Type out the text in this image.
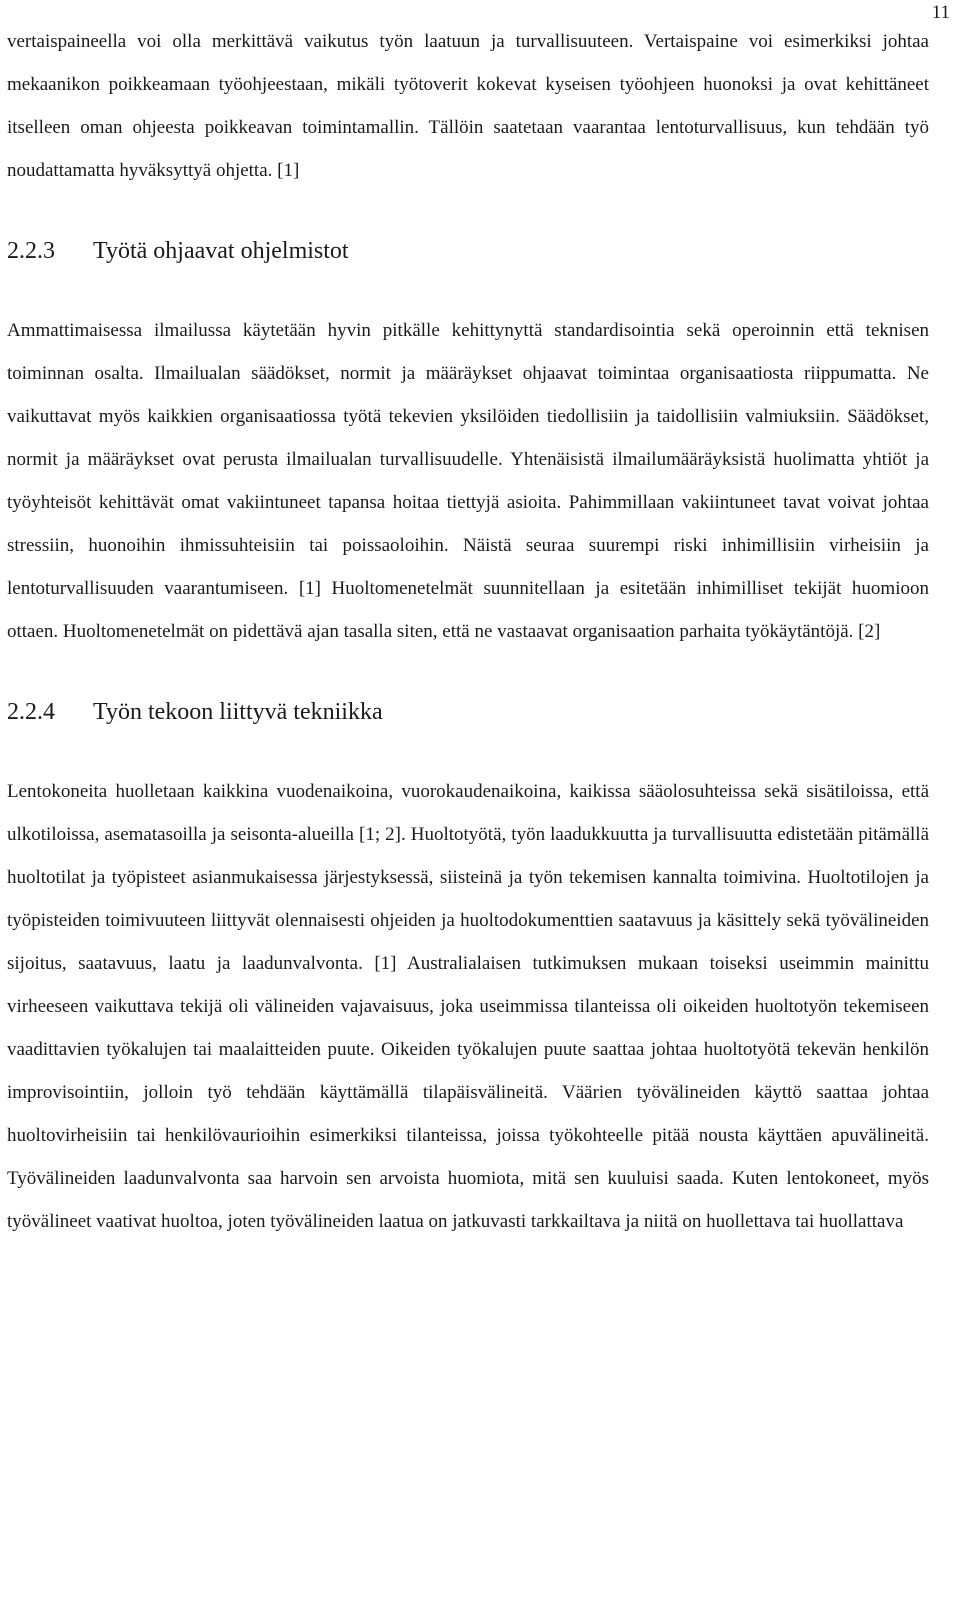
11

vertaispaineella voi olla merkittävä vaikutus työn laatuun ja turvallisuuteen. Vertaispaine voi esimerkiksi johtaa mekaanikon poikkeamaan työohjeestaan, mikäli työtoverit kokevat kyseisen työohjeen huonoksi ja ovat kehittäneet itselleen oman ohjeesta poikkeavan toimintamallin. Tällöin saatetaan vaarantaa lentoturvallisuus, kun tehdään työ noudattamatta hyväksyttyä ohjetta. [1]

2.2.3	Työtä ohjaavat ohjelmistot

Ammattimaisessa ilmailussa käytetään hyvin pitkälle kehittynyttä standardisointia sekä operoinnin että teknisen toiminnan osalta. Ilmailualan säädökset, normit ja määräykset ohjaavat toimintaa organisaatiosta riippumatta. Ne vaikuttavat myös kaikkien organisaatiossa työtä tekevien yksilöiden tiedollisiin ja taidollisiin valmiuksiin. Säädökset, normit ja määräykset ovat perusta ilmailualan turvallisuudelle. Yhtenäisistä ilmailumääräyksistä huolimatta yhtiöt ja työyhteisöt kehittävät omat vakiintuneet tapansa hoitaa tiettyjä asioita. Pahimmillaan vakiintuneet tavat voivat johtaa stressiin, huonoihin ihmissuhteisiin tai poissaoloihin. Näistä seuraa suurempi riski inhimillisiin virheisiin ja lentoturvallisuuden vaarantumiseen. [1] Huoltomenetelmät suunnitellaan ja esitetään inhimilliset tekijät huomioon ottaen. Huoltomenetelmät on pidettävä ajan tasalla siten, että ne vastaavat organisaation parhaita työkäytäntöjä. [2]

2.2.4	Työn tekoon liittyvä tekniikka

Lentokoneita huolletaan kaikkina vuodenaikoina, vuorokaudenaikoina, kaikissa sääolosuhteissa sekä sisätiloissa, että ulkotiloissa, asematasoilla ja seisonta-alueilla [1; 2]. Huoltotyötä, työn laadukkuutta ja turvallisuutta edistetään pitämällä huoltotilat ja työpisteet asianmukaisessa järjestyksessä, siisteinä ja työn tekemisen kannalta toimivina. Huoltotilojen ja työpisteiden toimivuuteen liittyvät olennaisesti ohjeiden ja huoltodokumenttien saatavuus ja käsittely sekä työvälineiden sijoitus, saatavuus, laatu ja laadunvalvonta. [1] Australialaisen tutkimuksen mukaan toiseksi useimmin mainittu virheeseen vaikuttava tekijä oli välineiden vajavaisuus, joka useimmissa tilanteissa oli oikeiden huoltotyön tekemiseen vaadittavien työkalujen tai maalaitteiden puute. Oikeiden työkalujen puute saattaa johtaa huoltotyötä tekevän henkilön improvisointiin, jolloin työ tehdään käyttämällä tilapäisvälineitä. Väärien työvälineiden käyttö saattaa johtaa huoltovirheisiin tai henkilövaurioihin esimerkiksi tilanteissa, joissa työkohteelle pitää nousta käyttäen apuvälineitä. Työvälineiden laadunvalvonta saa harvoin sen arvoista huomiota, mitä sen kuuluisi saada. Kuten lentokoneet, myös työvälineet vaativat huoltoa, joten työvälineiden laatua on jatkuvasti tarkkailtava ja niitä on huollettava tai huollattava
